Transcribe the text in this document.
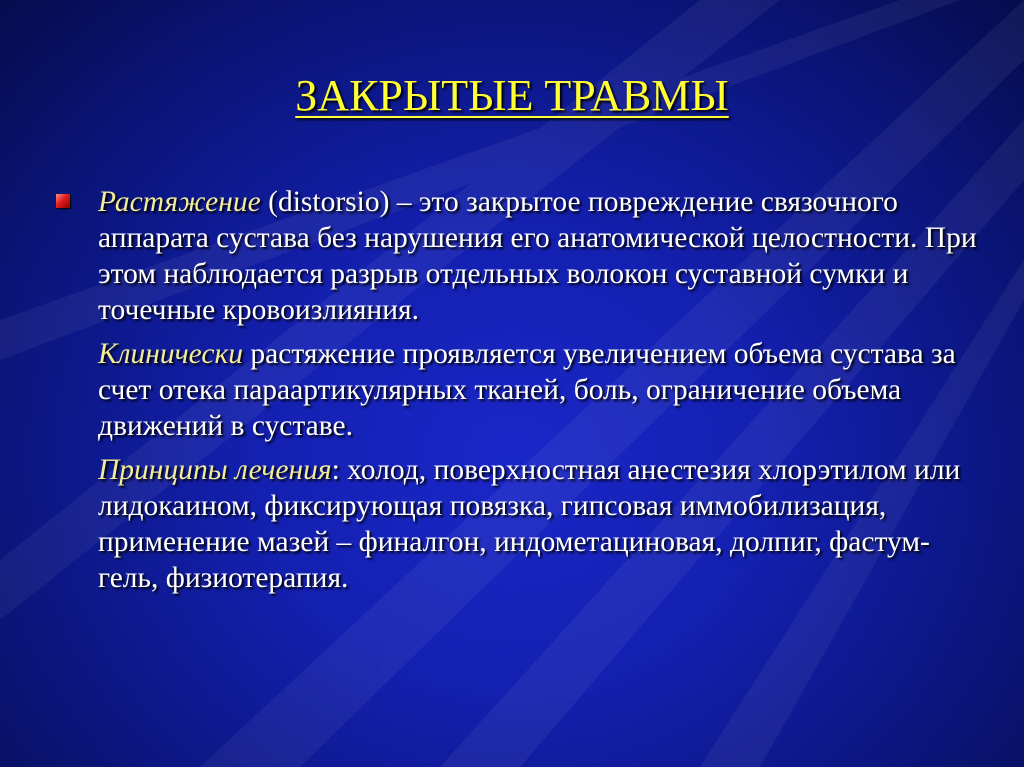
ЗАКРЫТЫЕ ТРАВМЫ

Растяжение (distorsio) – это закрытое повреждение связочного аппарата сустава без нарушения его анатомической целостности. При этом наблюдается разрыв отдельных волокон суставной сумки и точечные кровоизлияния.

Клинически растяжение проявляется увеличением объема сустава за счет отека параартикулярных тканей, боль, ограничение объема движений в суставе.

Принципы лечения: холод, поверхностная анестезия хлорэтилом или лидокаином, фиксирующая повязка, гипсовая иммобилизация, применение мазей – финалгон, индометациновая, долпиг, фастум-гель, физиотерапия.
